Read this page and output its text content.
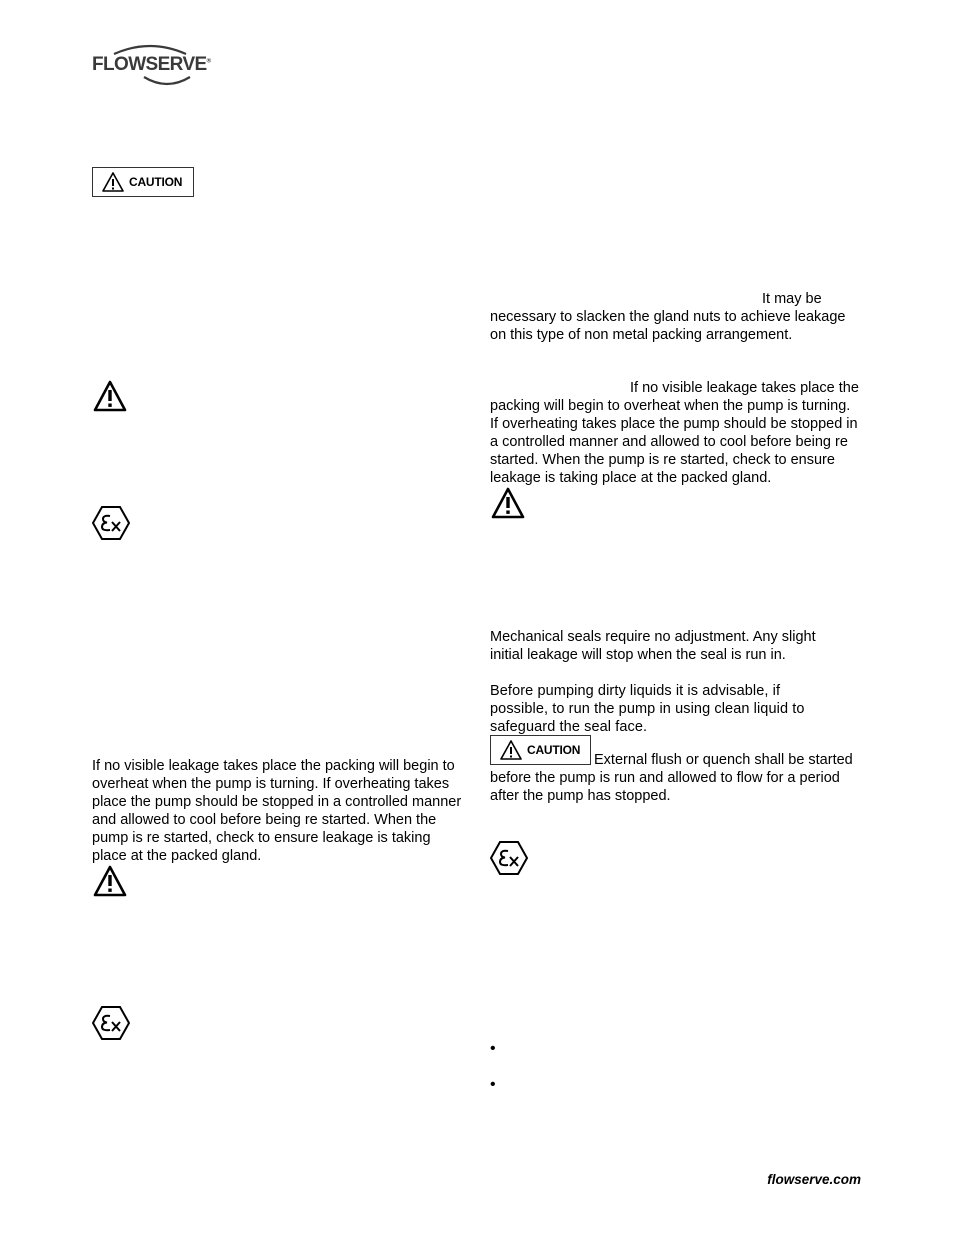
FLOWSERVE®
CAUTION
If no visible leakage takes place the packing will begin to
overheat when the pump is turning. If overheating takes
place the pump should be stopped in a controlled manner
and allowed to cool before being re started. When the
pump is re started, check to ensure leakage is taking
place at the packed gland.
It may be
necessary to slacken the gland nuts to achieve leakage
on this type of non metal packing arrangement.
If no visible leakage takes place the
packing will begin to overheat when the pump is turning.
If overheating takes place the pump should be stopped in
a controlled manner and allowed to cool before being re
started. When the pump is re started, check to ensure
leakage is taking place at the packed gland.
Mechanical seals require no adjustment. Any slight
initial leakage will stop when the seal is run in.
Before pumping dirty liquids it is advisable, if
possible, to run the pump in using clean liquid to
safeguard the seal face.
CAUTION
External flush or quench shall be started
before the pump is run and allowed to flow for a period
after the pump has stopped.
•
•
flowserve.com
